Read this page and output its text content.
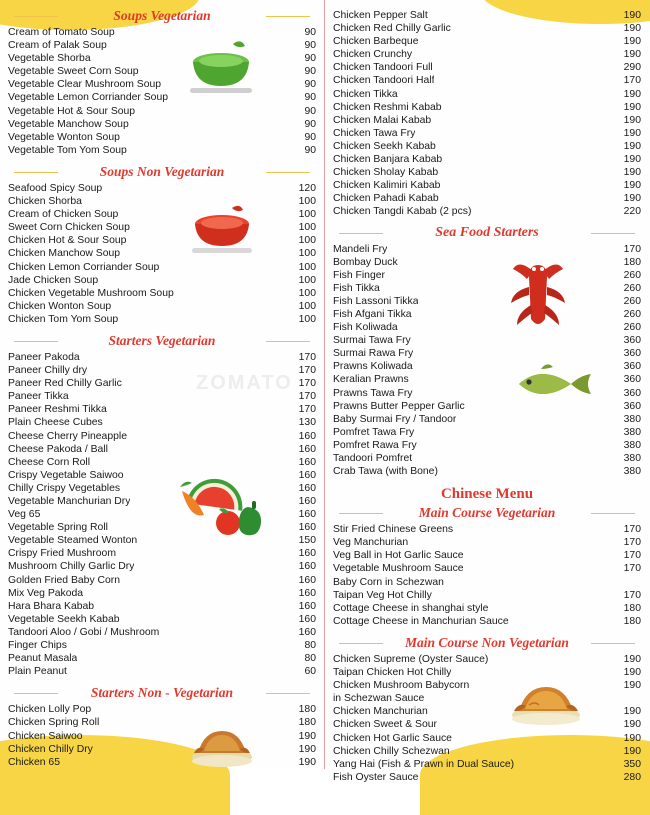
Soups Vegetarian
Cream of Tomato Soup	90
Cream of Palak Soup	90
Vegetable Shorba	90
Vegetable Sweet Corn Soup	90
Vegetable Clear Mushroom Soup	90
Vegetable Lemon Corriander Soup	90
Vegetable Hot & Sour Soup	90
Vegetable Manchow Soup	90
Vegetable Wonton Soup	90
Vegetable Tom Yom Soup	90
Soups Non Vegetarian
Seafood Spicy Soup	120
Chicken Shorba	100
Cream of Chicken Soup	100
Sweet Corn Chicken Soup	100
Chicken Hot & Sour Soup	100
Chicken Manchow Soup	100
Chicken Lemon Corriander Soup	100
Jade Chicken Soup	100
Chicken Vegetable Mushroom Soup	100
Chicken Wonton Soup	100
Chicken Tom Yom Soup	100
Starters Vegetarian
Paneer Pakoda	170
Paneer Chilly dry	170
Paneer Red Chilly Garlic	170
Paneer Tikka	170
Paneer Reshmi Tikka	170
Plain Cheese Cubes	130
Cheese Cherry Pineapple	160
Cheese Pakoda / Ball	160
Cheese Corn Roll	160
Crispy Vegetable Saiwoo	160
Chilly Crispy Vegetables	160
Vegetable Manchurian Dry	160
Veg 65	160
Vegetable Spring Roll	160
Vegetable Steamed Wonton	150
Crispy Fried Mushroom	160
Mushroom Chilly Garlic Dry	160
Golden Fried Baby Corn	160
Mix Veg Pakoda	160
Hara Bhara Kabab	160
Vegetable Seekh Kabab	160
Tandoori Aloo / Gobi / Mushroom	160
Finger Chips	80
Peanut Masala	80
Plain Peanut	60
Starters Non - Vegetarian
Chicken Lolly Pop	180
Chicken Spring Roll	180
Chicken Saiwoo	190
Chicken Chilly Dry	190
Chicken 65	190
Chicken Pepper Salt	190
Chicken Red Chilly Garlic	190
Chicken Barbeque	190
Chicken Crunchy	190
Chicken Tandoori Full	290
Chicken Tandoori Half	170
Chicken Tikka	190
Chicken Reshmi Kabab	190
Chicken Malai Kabab	190
Chicken Tawa Fry	190
Chicken Seekh Kabab	190
Chicken Banjara Kabab	190
Chicken Sholay Kabab	190
Chicken Kalimiri Kabab	190
Chicken Pahadi Kabab	190
Chicken Tangdi Kabab (2 pcs)	220
Sea Food Starters
Mandeli Fry	170
Bombay Duck	180
Fish Finger	260
Fish Tikka	260
Fish Lassoni Tikka	260
Fish Afgani Tikka	260
Fish Koliwada	260
Surmai Tawa Fry	360
Surmai Rawa Fry	360
Prawns Koliwada	360
Keralian Prawns	360
Prawns Tawa Fry	360
Prawns Butter Pepper Garlic	360
Baby Surmai Fry / Tandoor	380
Pomfret Tawa Fry	380
Pomfret Rawa Fry	380
Tandoori Pomfret	380
Crab Tawa (with Bone)	380
Chinese Menu
Main Course Vegetarian
Stir Fried Chinese Greens	170
Veg Manchurian	170
Veg Ball in Hot Garlic Sauce	170
Vegetable Mushroom Sauce	170
Baby Corn in Schezwan
Taipan Veg Hot Chilly	170
Cottage Cheese in shanghai style	180
Cottage Cheese in Manchurian Sauce	180
Main Course Non Vegetarian
Chicken Supreme (Oyster Sauce)	190
Taipan Chicken Hot Chilly	190
Chicken Mushroom Babycorn	190
in Schezwan Sauce
Chicken Manchurian	190
Chicken Sweet & Sour	190
Chicken Hot Garlic Sauce	190
Chicken Chilly Schezwan	190
Yang Hai (Fish & Prawn in Dual Sauce)	350
Fish Oyster Sauce	280
ZOMATO
